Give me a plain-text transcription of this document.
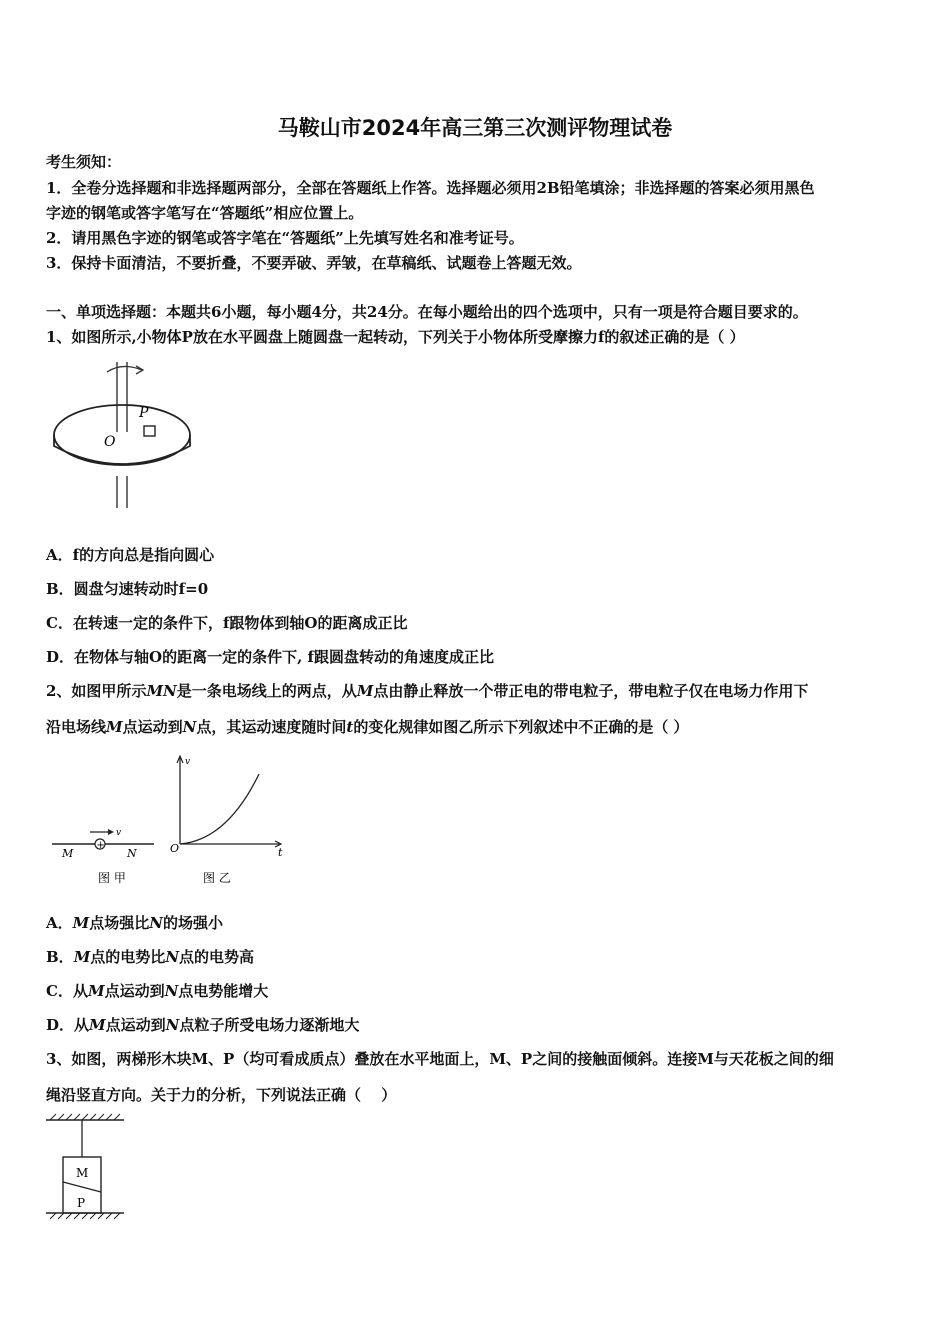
马鞍山市2024年高三第三次测评物理试卷
考生须知：
1．全卷分选择题和非选择题两部分，全部在答题纸上作答。选择题必须用2B铅笔填涂；非选择题的答案必须用黑色
字迹的钢笔或答字笔写在“答题纸”相应位置上。
2．请用黑色字迹的钢笔或答字笔在“答题纸”上先填写姓名和准考证号。
3．保持卡面清洁，不要折叠，不要弄破、弄皱，在草稿纸、试题卷上答题无效。
一、单项选择题：本题共6小题，每小题4分，共24分。在每小题给出的四个选项中，只有一项是符合题目要求的。
1、如图所示,小物体P放在水平圆盘上随圆盘一起转动，下列关于小物体所受摩擦力f的叙述正确的是（ ）
P
O
A．f的方向总是指向圆心
B．圆盘匀速转动时f=0
C．在转速一定的条件下，f跟物体到轴O的距离成正比
D．在物体与轴O的距离一定的条件下, f跟圆盘转动的角速度成正比
2、如图甲所示MN是一条电场线上的两点，从M点由静止释放一个带正电的带电粒子，带电粒子仅在电场力作用下
沿电场线M点运动到N点，其运动速度随时间t的变化规律如图乙所示下列叙述中不正确的是（ ）
+
v
M	N
图 甲
v
O	t
图 乙
A．M点场强比N的场强小
B．M点的电势比N点的电势高
C．从M点运动到N点电势能增大
D．从M点运动到N点粒子所受电场力逐渐地大
3、如图，两梯形木块M、P（均可看成质点）叠放在水平地面上，M、P之间的接触面倾斜。连接M与天花板之间的细
绳沿竖直方向。关于力的分析，下列说法正确（　 ）
M
P
